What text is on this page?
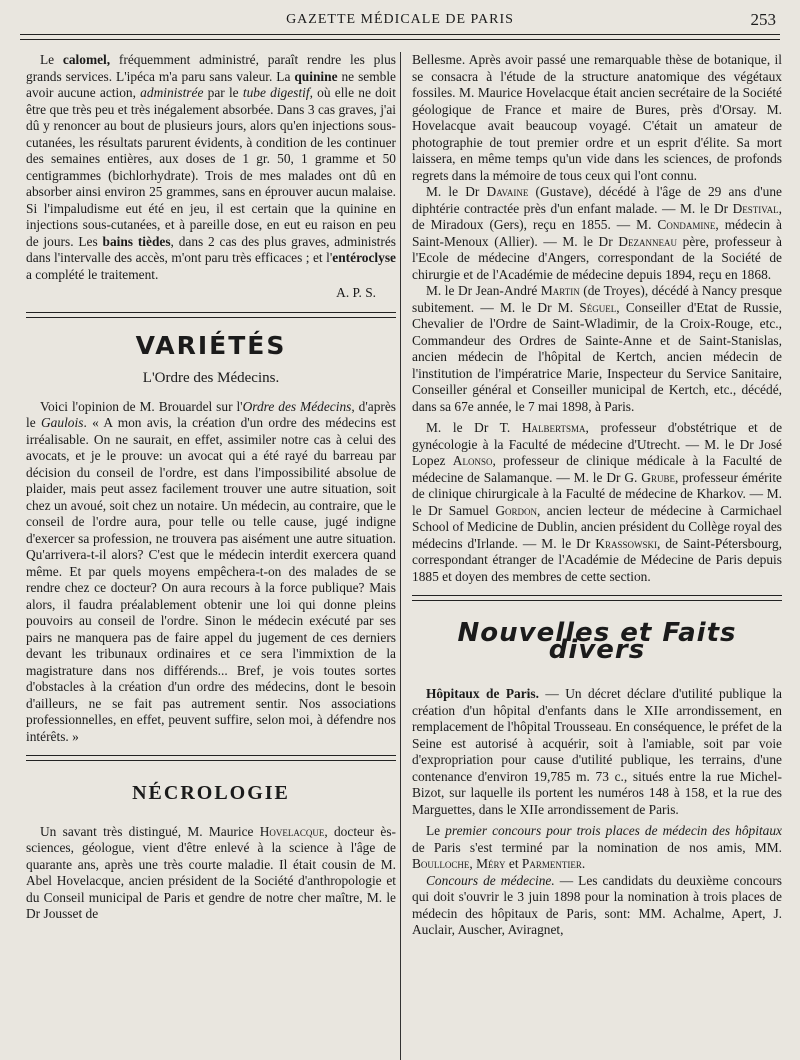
GAZETTE MÉDICALE DE PARIS	253

Le calomel, fréquemment administré, paraît rendre les plus grands services. L'ipéca m'a paru sans valeur. La quinine ne semble avoir aucune action, administrée par le tube digestif, où elle ne doit être que très peu et très inégalement absorbée. Dans 3 cas graves, j'ai dû y renoncer au bout de plusieurs jours, alors qu'en injections sous-cutanées, les résultats parurent évidents, à condition de les continuer des semaines entières, aux doses de 1 gr. 50, 1 gramme et 50 centigrammes (bichlorhydrate). Trois de mes malades ont dû en absorber ainsi environ 25 grammes, sans en éprouver aucun malaise. Si l'impaludisme eut été en jeu, il est certain que la quinine en injections sous-cutanées, et à pareille dose, en eut eu raison en peu de jours. Les bains tièdes, dans 2 cas des plus graves, administrés dans l'intervalle des accès, m'ont paru très efficaces ; et l'entéroclyse a complété le traitement.

A. P. S.
VARIÉTÉS
L'Ordre des Médecins.

Voici l'opinion de M. Brouardel sur l'Ordre des Médecins, d'après le Gaulois. « A mon avis, la création d'un ordre des médecins est irréalisable. On ne saurait, en effet, assimiler notre cas à celui des avocats, et je le prouve: un avocat qui a été rayé du barreau par décision du conseil de l'ordre, est dans l'impossibilité absolue de plaider, mais peut assez facilement trouver une autre situation, soit chez un avoué, soit chez un notaire. Un médecin, au contraire, que le conseil de l'ordre aura, pour telle ou telle cause, jugé indigne d'exercer sa profession, ne trouvera pas aisément une autre situation. Qu'arrivera-t-il alors? C'est que le médecin interdit exercera quand même. Et par quels moyens empêchera-t-on des malades de se rendre chez ce docteur? On aura recours à la force publique? Mais alors, il faudra préalablement obtenir une loi qui donne pleins pouvoirs au conseil de l'ordre. Sinon le médecin exécuté par ses pairs ne manquera pas de faire appel du jugement de ces derniers devant les tribunaux ordinaires et ce sera l'immixtion de la magistrature dans nos différends... Bref, je vois toutes sortes d'obstacles à la création d'un ordre des médecins, dont le besoin d'ailleurs, ne se fait pas autrement sentir. Nos associations professionnelles, en effet, peuvent suffire, selon moi, à défendre nos intérêts. »

NÉCROLOGIE

Un savant très distingué, M. Maurice Hovelacque, docteur ès-sciences, géologue, vient d'être enlevé à la science à l'âge de quarante ans, après une très courte maladie. Il était cousin de M. Abel Hovelacque, ancien président de la Société d'anthropologie et du Conseil municipal de Paris et gendre de notre cher maître, M. le Dr Jousset de

Bellesme. Après avoir passé une remarquable thèse de botanique, il se consacra à l'étude de la structure anatomique des végétaux fossiles. M. Maurice Hovelacque était ancien secrétaire de la Société géologique de France et maire de Bures, près d'Orsay. M. Hovelacque avait beaucoup voyagé. C'était un amateur de photographie de tout premier ordre et un esprit d'élite. Sa mort laissera, en même temps qu'un vide dans les sciences, de profonds regrets dans la mémoire de tous ceux qui l'ont connu.

M. le Dr Davaine (Gustave), décédé à l'âge de 29 ans d'une diphtérie contractée près d'un enfant malade. — M. le Dr Destival, de Miradoux (Gers), reçu en 1855. — M. Condamine, médecin à Saint-Menoux (Allier). — M. le Dr Dezanneau père, professeur à l'Ecole de médecine d'Angers, correspondant de la Société de chirurgie et de l'Académie de médecine depuis 1894, reçu en 1868.

M. le Dr Jean-André Martin (de Troyes), décédé à Nancy presque subitement. — M. le Dr M. Séguel, Conseiller d'Etat de Russie, Chevalier de l'Ordre de Saint-Wladimir, de la Croix-Rouge, etc., Commandeur des Ordres de Sainte-Anne et de Saint-Stanislas, ancien médecin de l'hôpital de Kertch, ancien médecin de l'institution de l'impératrice Marie, Inspecteur du Service Sanitaire, Conseiller général et Conseiller municipal de Kertch, etc., décédé, dans sa 67e année, le 7 mai 1898, à Paris.

M. le Dr T. Halbertsma, professeur d'obstétrique et de gynécologie à la Faculté de médecine d'Utrecht. — M. le Dr José Lopez Alonso, professeur de clinique médicale à la Faculté de médecine de Salamanque. — M. le Dr G. Grube, professeur émérite de clinique chirurgicale à la Faculté de médecine de Kharkov. — M. le Dr Samuel Gordon, ancien lecteur de médecine à Carmichael School of Medicine de Dublin, ancien président du Collège royal des médecins d'Irlande. — M. le Dr Krassowski, de Saint-Pétersbourg, correspondant étranger de l'Académie de Médecine de Paris depuis 1885 et doyen des membres de cette section.

Nouvelles et Faits divers

Hôpitaux de Paris. — Un décret déclare d'utilité publique la création d'un hôpital d'enfants dans le XIIe arrondissement, en remplacement de l'hôpital Trousseau. En conséquence, le préfet de la Seine est autorisé à acquérir, soit à l'amiable, soit par voie d'expropriation pour cause d'utilité publique, les terrains, d'une contenance d'environ 19,785 m. 73 c., situés entre la rue Michel-Bizot, sur laquelle ils portent les numéros 148 à 158, et la rue des Marguettes, dans le XIIe arrondissement de Paris.

Le premier concours pour trois places de médecin des hôpitaux de Paris s'est terminé par la nomination de nos amis, MM. Boulloche, Méry et Parmentier.

Concours de médecine. — Les candidats du deuxième concours qui doit s'ouvrir le 3 juin 1898 pour la nomination à trois places de médecin des hôpitaux de Paris, sont: MM. Achalme, Apert, J. Auclair, Auscher, Aviragnet,
